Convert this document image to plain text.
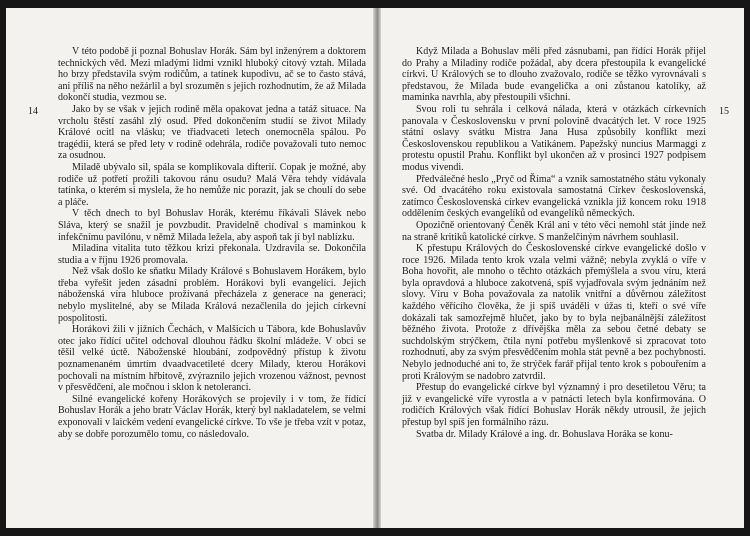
14

V této podobě ji poznal Bohuslav Horák. Sám byl inženýrem a doktorem technických věd. Mezi mladými lidmi vznikl hluboký citový vztah. Milada ho brzy představila svým rodičům, a tatínek kupodivu, ač se to často stává, ani příliš na něho nežárlil a byl srozuměn s jejich rozhodnutím, že až Milada dokončí studia, vezmou se.

Jako by se však v jejich rodině měla opakovat jedna a tatáž situace. Na vrcholu štěstí zasáhl zlý osud. Před dokončením studií se život Milady Králové ocitl na vlásku; ve třiadvaceti letech onemocněla spálou. Po tragédii, která se před lety v rodině odehrála, rodiče považovali tuto nemoc za osudnou.

Miladě ubývalo sil, spála se komplikovala difterií. Copak je možné, aby rodiče už potřetí prožili takovou ránu osudu? Malá Věra tehdy vídávala tatínka, o kterém si myslela, že ho nemůže nic porazit, jak se choulí do sebe a pláče.

V těch dnech to byl Bohuslav Horák, kterému říkávali Slávek nebo Sláva, který se snažil je povzbudit. Pravidelně chodíval s maminkou k infekčnímu pavilónu, v němž Milada ležela, aby aspoň tak jí byl nablízku.

Miladina vitalita tuto těžkou krizi překonala. Uzdravila se. Dokončila studia a v říjnu 1926 promovala.

Než však došlo ke sňatku Milady Králové s Bohuslavem Horákem, bylo třeba vyřešit jeden zásadní problém. Horákovi byli evangelíci. Jejich náboženská víra hluboce prožívaná přecházela z generace na generaci; nebylo myslitelné, aby se Milada Králová nezačlenila do jejich církevní pospolitosti.

Horákovi žili v jižních Čechách, v Malšicích u Tábora, kde Bohuslavův otec jako řídící učitel odchoval dlouhou řádku školní mládeže. V obci se těšil velké úctě. Náboženské hloubání, zodpovědný přístup k životu poznamenaném úmrtím dvaadvacetileté dcery Milady, kterou Horákovi pochovali na místním hřbitově, zvýraznilo jejich vrozenou vážnost, pevnost v přesvědčení, ale močnou i sklon k netoleranci.

Silné evangelické kořeny Horákových se projevily i v tom, že řídící Bohuslav Horák a jeho bratr Václav Horák, který byl nakladatelem, se velmi exponovali v laickém vedení evangelické církve. To vše je třeba vzít v potaz, aby se dobře porozumělo tomu, co následovalo.

15

Když Milada a Bohuslav měli před zásnubami, pan řídící Horák přijel do Prahy a Miladiny rodiče požádal, aby dcera přestoupila k evangelické církvi. U Králových se to dlouho zvažovalo, rodiče se těžko vyrovnávali s představou, že Milada bude evangelička a oni zůstanou katolíky, až maminka navrhla, aby přestoupili všichni.

Svou roli tu sehrála i celková nálada, která v otázkách církevních panovala v Československu v první polovině dvacátých let. V roce 1925 státní oslavy svátku Mistra Jana Husa způsobily konflikt mezi Československou republikou a Vatikánem. Papežský nuncius Marmaggi z protestu opustil Prahu. Konflikt byl ukončen až v prosinci 1927 podpisem modus vivendi.

Předválečné heslo „Pryč od Říma“ a vznik samostatného státu vykonaly své. Od dvacátého roku existovala samostatná Církev československá, zatímco Československá církev evangelická vznikla již koncem roku 1918 oddělením českých evangelíků od evangelíků německých.

Opozičně orientovaný Čeněk Král ani v této věci nemohl stát jinde než na straně kritiků katolické církve. S manželčiným návrhem souhlasil.

K přestupu Králových do Československé církve evangelické došlo v roce 1926. Milada tento krok vzala velmi vážně; nebyla zvyklá o víře v Boha hovořit, ale mnoho o těchto otázkách přemýšlela a svou víru, která byla opravdová a hluboce zakotvená, spíš vyjadřovala svým jednáním než slovy. Víru v Boha považovala za natolik vnitřní a důvěrnou záležitost každého věřícího člověka, že ji spíš uváděli v úžas ti, kteří o své víře dokázali tak samozřejmě hlučet, jako by to byla nejbanálnější záležitost běžného života. Protože z dřívějška měla za sebou četné debaty se suchdolským strýčkem, čtila nyní potřebu myšlenkově si zpracovat toto rozhodnutí, aby za svým přesvědčením mohla stát pevně a bez pochybnosti. Nebylo jednoduché ani to, že strýček farář přijal tento krok s pobouřením a proti Královým se nadobro zatvrdil.

Přestup do evangelické církve byl významný i pro desetiletou Věru; ta již v evangelické víře vyrostla a v patnácti letech byla konfirmována. O rodičích Králových však řídící Bohuslav Horák někdy utrousil, že jejich přestup byl spíš jen formálního rázu.

Svatba dr. Milady Králové a ing. dr. Bohuslava Horáka se konu-
